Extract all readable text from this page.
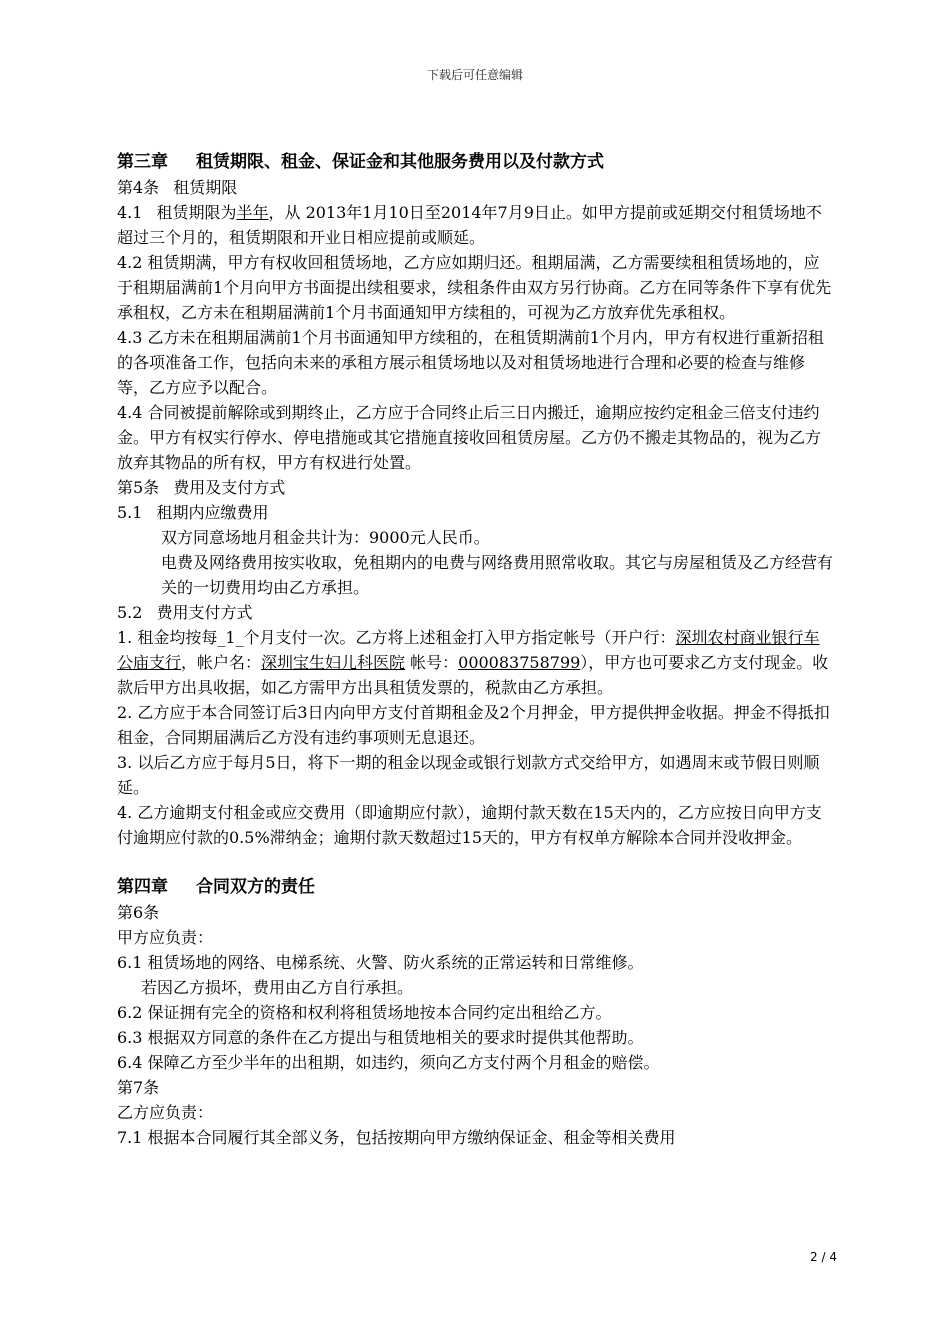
下载后可任意编辑

第三章 租赁期限、租金、保证金和其他服务费用以及付款方式

第4条 租赁期限

4.1 租赁期限为半年，从 2013年1月10日至2014年7月9日止。如甲方提前或延期交付租赁场地不超过三个月的，租赁期限和开业日相应提前或顺延。

4.2 租赁期满，甲方有权收回租赁场地，乙方应如期归还。租期届满，乙方需要续租租赁场地的，应于租期届满前1个月向甲方书面提出续租要求，续租条件由双方另行协商。乙方在同等条件下享有优先承租权，乙方未在租期届满前1个月书面通知甲方续租的，可视为乙方放弃优先承租权。

4.3 乙方未在租期届满前1个月书面通知甲方续租的，在租赁期满前1个月内，甲方有权进行重新招租的各项准备工作，包括向未来的承租方展示租赁场地以及对租赁场地进行合理和必要的检查与维修等，乙方应予以配合。

4.4 合同被提前解除或到期终止，乙方应于合同终止后三日内搬迁，逾期应按约定租金三倍支付违约金。甲方有权实行停水、停电措施或其它措施直接收回租赁房屋。乙方仍不搬走其物品的，视为乙方放弃其物品的所有权，甲方有权进行处置。

第5条 费用及支付方式

5.1 租期内应缴费用

双方同意场地月租金共计为：9000元人民币。

电费及网络费用按实收取，免租期内的电费与网络费用照常收取。其它与房屋租赁及乙方经营有关的一切费用均由乙方承担。

5.2 费用支付方式

1. 租金均按每_1_个月支付一次。乙方将上述租金打入甲方指定帐号（开户行：深圳农村商业银行车公庙支行，帐户名：深圳宝生妇儿科医院 帐号：000083758799），甲方也可要求乙方支付现金。收款后甲方出具收据，如乙方需甲方出具租赁发票的，税款由乙方承担。

2. 乙方应于本合同签订后3日内向甲方支付首期租金及2个月押金，甲方提供押金收据。押金不得抵扣租金，合同期届满后乙方没有违约事项则无息退还。

3. 以后乙方应于每月5日，将下一期的租金以现金或银行划款方式交给甲方，如遇周末或节假日则顺延。

4. 乙方逾期支付租金或应交费用（即逾期应付款），逾期付款天数在15天内的，乙方应按日向甲方支付逾期应付款的0.5%滞纳金；逾期付款天数超过15天的，甲方有权单方解除本合同并没收押金。

第四章 合同双方的责任

第6条

甲方应负责：

6.1 租赁场地的网络、电梯系统、火警、防火系统的正常运转和日常维修。

若因乙方损坏，费用由乙方自行承担。

6.2 保证拥有完全的资格和权利将租赁场地按本合同约定出租给乙方。

6.3 根据双方同意的条件在乙方提出与租赁地相关的要求时提供其他帮助。

6.4 保障乙方至少半年的出租期，如违约，须向乙方支付两个月租金的赔偿。

第7条

乙方应负责：

7.1 根据本合同履行其全部义务，包括按期向甲方缴纳保证金、租金等相关费用

2 / 4
